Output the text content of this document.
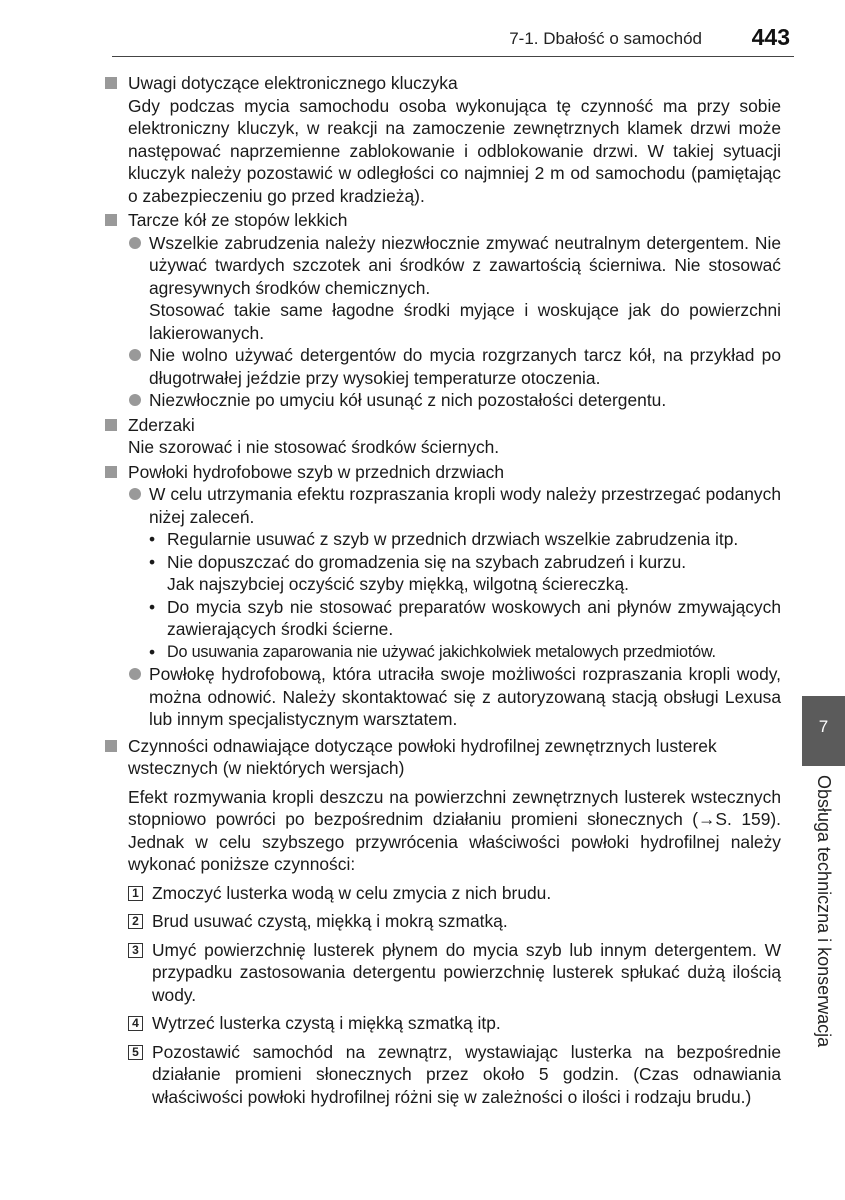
7-1. Dbałość o samochód 443
Uwagi dotyczące elektronicznego kluczyka
Gdy podczas mycia samochodu osoba wykonująca tę czynność ma przy sobie elektroniczny kluczyk, w reakcji na zamoczenie zewnętrznych klamek drzwi może następować naprzemienne zablokowanie i odblokowanie drzwi. W takiej sytuacji kluczyk należy pozostawić w odległości co najmniej 2 m od samochodu (pamiętając o zabezpieczeniu go przed kradzieżą).
Tarcze kół ze stopów lekkich
Wszelkie zabrudzenia należy niezwłocznie zmywać neutralnym detergentem. Nie używać twardych szczotek ani środków z zawartością ścierniwa. Nie stosować agresywnych środków chemicznych.
Stosować takie same łagodne środki myjące i woskujące jak do powierzchni lakierowanych.
Nie wolno używać detergentów do mycia rozgrzanych tarcz kół, na przykład po długotrwałej jeździe przy wysokiej temperaturze otoczenia.
Niezwłocznie po umyciu kół usunąć z nich pozostałości detergentu.
Zderzaki
Nie szorować i nie stosować środków ściernych.
Powłoki hydrofobowe szyb w przednich drzwiach
W celu utrzymania efektu rozpraszania kropli wody należy przestrzegać podanych niżej zaleceń.
• Regularnie usuwać z szyb w przednich drzwiach wszelkie zabrudzenia itp.
• Nie dopuszczać do gromadzenia się na szybach zabrudzeń i kurzu.
Jak najszybciej oczyścić szyby miękką, wilgotną ściereczką.
• Do mycia szyb nie stosować preparatów woskowych ani płynów zmywających zawierających środki ścierne.
• Do usuwania zaparowania nie używać jakichkolwiek metalowych przedmiotów.
Powłokę hydrofobową, która utraciła swoje możliwości rozpraszania kropli wody, można odnowić. Należy skontaktować się z autoryzowaną stacją obsługi Lexusa lub innym specjalistycznym warsztatem.
Czynności odnawiające dotyczące powłoki hydrofilnej zewnętrznych lusterek wstecznych (w niektórych wersjach)
Efekt rozmywania kropli deszczu na powierzchni zewnętrznych lusterek wstecznych stopniowo powróci po bezpośrednim działaniu promieni słonecznych (→S. 159). Jednak w celu szybszego przywrócenia właściwości powłoki hydrofilnej należy wykonać poniższe czynności:
1 Zmoczyć lusterka wodą w celu zmycia z nich brudu.
2 Brud usuwać czystą, miękką i mokrą szmatką.
3 Umyć powierzchnię lusterek płynem do mycia szyb lub innym detergentem. W przypadku zastosowania detergentu powierzchnię lusterek spłukać dużą ilością wody.
4 Wytrzeć lusterka czystą i miękką szmatką itp.
5 Pozostawić samochód na zewnątrz, wystawiając lusterka na bezpośrednie działanie promieni słonecznych przez około 5 godzin. (Czas odnawiania właściwości powłoki hydrofilnej różni się w zależności o ilości i rodzaju brudu.)
7
Obsługa techniczna i konserwacja
